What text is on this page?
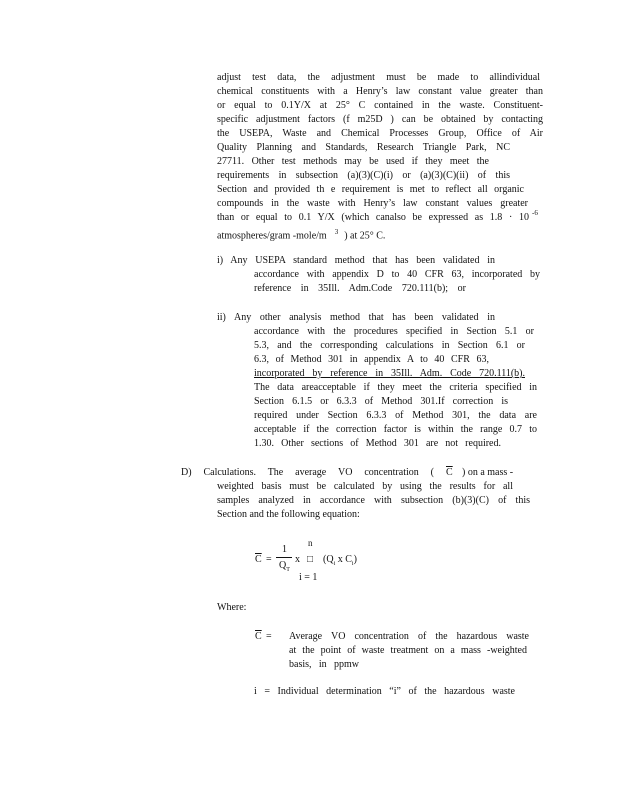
adjust test data, the adjustment must be made to allindividual
chemical constituents with a Henry’s law constant value greater than
or equal to 0.1Y/X at 25° C contained in the waste. Constituent-
specific adjustment factors (f m25D ) can be obtained by contacting
the USEPA, Waste and Chemical Processes Group, Office of Air
Quality Planning and Standards, Research Triangle Park, NC
27711. Other test methods may be used if they meet the
requirements in subsection (a)(3)(C)(i) or (a)(3)(C)(ii) of this
Section and provided th e requirement is met to reflect all organic
compounds in the waste with Henry’s law constant values greater
than or equal to 0.1 Y/X (which canalso be expressed as 1.8 · 10 -6
atmospheres/gram -mole/m $^3$ ) at 25° C.
i) Any USEPA standard method that has been validated in
accordance with appendix D to 40 CFR 63, incorporated by
reference in 35Ill. Adm.Code 720.111(b); or
ii) Any other analysis method that has been validated in
accordance with the procedures specified in Section 5.1 or
5.3, and the corresponding calculations in Section 6.1 or
6.3, of Method 301 in appendix A to 40 CFR 63,
incorporated by reference in 35Ill. Adm. Code 720.111(b).
The data areacceptable if they meet the criteria specified in
Section 6.1.5 or 6.3.3 of Method 301.If correction is
required under Section 6.3.3 of Method 301, the data are
acceptable if the correction factor is within the range 0.7 to
1.30. Other sections of Method 301 are not required.
D) Calculations. The average VO concentration ( $\overline{C}$ ) on a mass -
weighted basis must be calculated by using the results for all
samples analyzed in accordance with subsection (b)(3)(C) of this
Section and the following equation:
n
$\overline{C}$ =
1
$Q_T$
x □ ($Q_i$ x $C_i$)
i = 1
Where:
$\overline{C}$ = Average VO concentration of the hazardous waste
at the point of waste treatment on a mass -weighted
basis, in ppmw
i = Individual determination “i” of the hazardous waste
